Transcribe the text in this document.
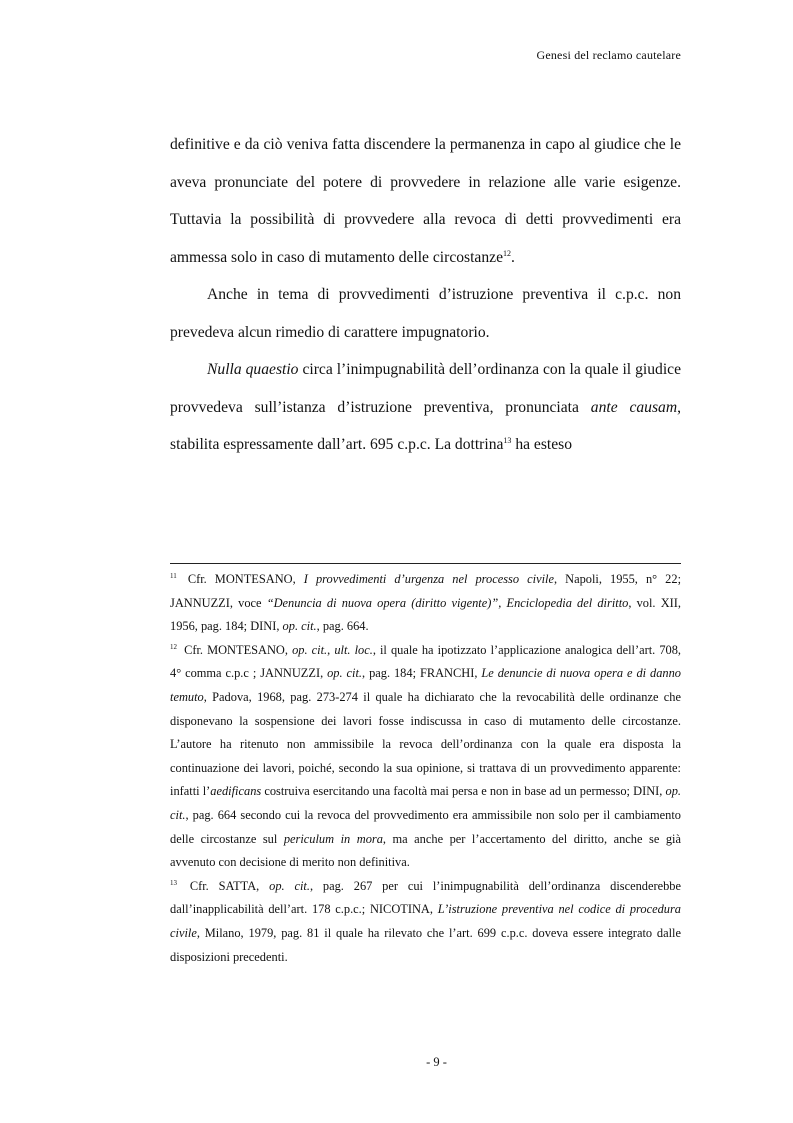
Genesi del reclamo cautelare

definitive e da ciò veniva fatta discendere la permanenza in capo al giudice che le aveva pronunciate del potere di provvedere in relazione alle varie esigenze. Tuttavia la possibilità di provvedere alla revoca di detti provvedimenti era ammessa solo in caso di mutamento delle circostanze$^{12}$.

Anche in tema di provvedimenti d’istruzione preventiva il c.p.c. non prevedeva alcun rimedio di carattere impugnatorio.

Nulla quaestio circa l’inimpugnabilità dell’ordinanza con la quale il giudice provvedeva sull’istanza d’istruzione preventiva, pronunciata ante causam, stabilita espressamente dall’art. 695 c.p.c. La dottrina$^{13}$ ha esteso

$^{11}$ Cfr. MONTESANO, I provvedimenti d’urgenza nel processo civile, Napoli, 1955, n° 22; JANNUZZI, voce “Denuncia di nuova opera (diritto vigente)”, Enciclopedia del diritto, vol. XII, 1956, pag. 184; DINI, op. cit., pag. 664.

$^{12}$ Cfr. MONTESANO, op. cit., ult. loc., il quale ha ipotizzato l’applicazione analogica dell’art. 708, 4° comma c.p.c ; JANNUZZI, op. cit., pag. 184; FRANCHI, Le denuncie di nuova opera e di danno temuto, Padova, 1968, pag. 273-274 il quale ha dichiarato che la revocabilità delle ordinanze che disponevano la sospensione dei lavori fosse indiscussa in caso di mutamento delle circostanze. L’autore ha ritenuto non ammissibile la revoca dell’ordinanza con la quale era disposta la continuazione dei lavori, poiché, secondo la sua opinione, si trattava di un provvedimento apparente: infatti l’aedificans costruiva esercitando una facoltà mai persa e non in base ad un permesso; DINI, op. cit., pag. 664 secondo cui la revoca del provvedimento era ammissibile non solo per il cambiamento delle circostanze sul periculum in mora, ma anche per l’accertamento del diritto, anche se già avvenuto con decisione di merito non definitiva.

$^{13}$ Cfr. SATTA, op. cit., pag. 267 per cui l’inimpugnabilità dell’ordinanza discenderebbe dall’inapplicabilità dell’art. 178 c.p.c.; NICOTINA, L’istruzione preventiva nel codice di procedura civile, Milano, 1979, pag. 81 il quale ha rilevato che l’art. 699 c.p.c. doveva essere integrato dalle disposizioni precedenti.

- 9 -
